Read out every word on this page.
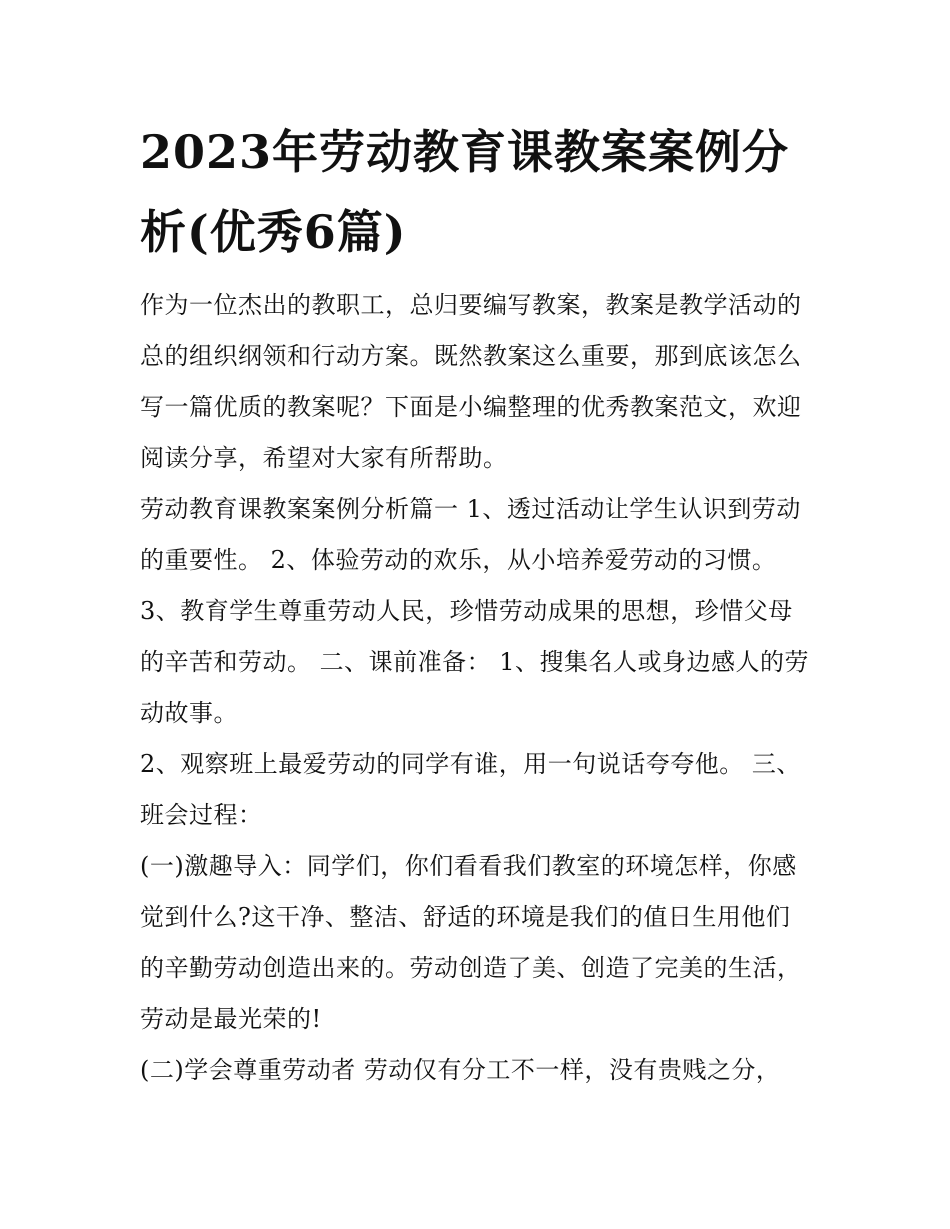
2023年劳动教育课教案案例分
析(优秀6篇)
作为一位杰出的教职工，总归要编写教案，教案是教学活动的
总的组织纲领和行动方案。既然教案这么重要，那到底该怎么
写一篇优质的教案呢？下面是小编整理的优秀教案范文，欢迎
阅读分享，希望对大家有所帮助。
劳动教育课教案案例分析篇一 1、透过活动让学生认识到劳动
的重要性。 2、体验劳动的欢乐，从小培养爱劳动的习惯。
3、教育学生尊重劳动人民，珍惜劳动成果的思想，珍惜父母
的辛苦和劳动。 二、课前准备： 1、搜集名人或身边感人的劳
动故事。
2、观察班上最爱劳动的同学有谁，用一句说话夸夸他。 三、
班会过程：
(一)激趣导入：同学们，你们看看我们教室的环境怎样，你感
觉到什么?这干净、整洁、舒适的环境是我们的值日生用他们
的辛勤劳动创造出来的。劳动创造了美、创造了完美的生活，
劳动是最光荣的!
(二)学会尊重劳动者 劳动仅有分工不一样，没有贵贱之分，
